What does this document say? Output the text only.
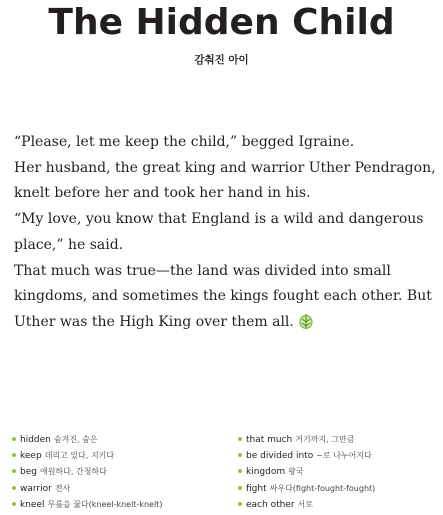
The Hidden Child
감춰진 아이

“Please, let me keep the child,” begged Igraine.

Her husband, the great king and warrior Uther Pendragon,

knelt before her and took her hand in his.

“My love, you know that England is a wild and dangerous

place,” he said.

That much was true—the land was divided into small

kingdoms, and sometimes the kings fought each other. But

Uther was the High King over them all.

hidden 숨겨진, 숨은
keep 데리고 있다, 지키다
beg 애원하다, 간청하다
warrior 전사
kneel 무릎을 꿇다(kneel-knelt-knelt)
that much 거기까지, 그만큼
be divided into ~로 나누어지다
kingdom 왕국
fight 싸우다(fight-fought-fought)
each other 서로
